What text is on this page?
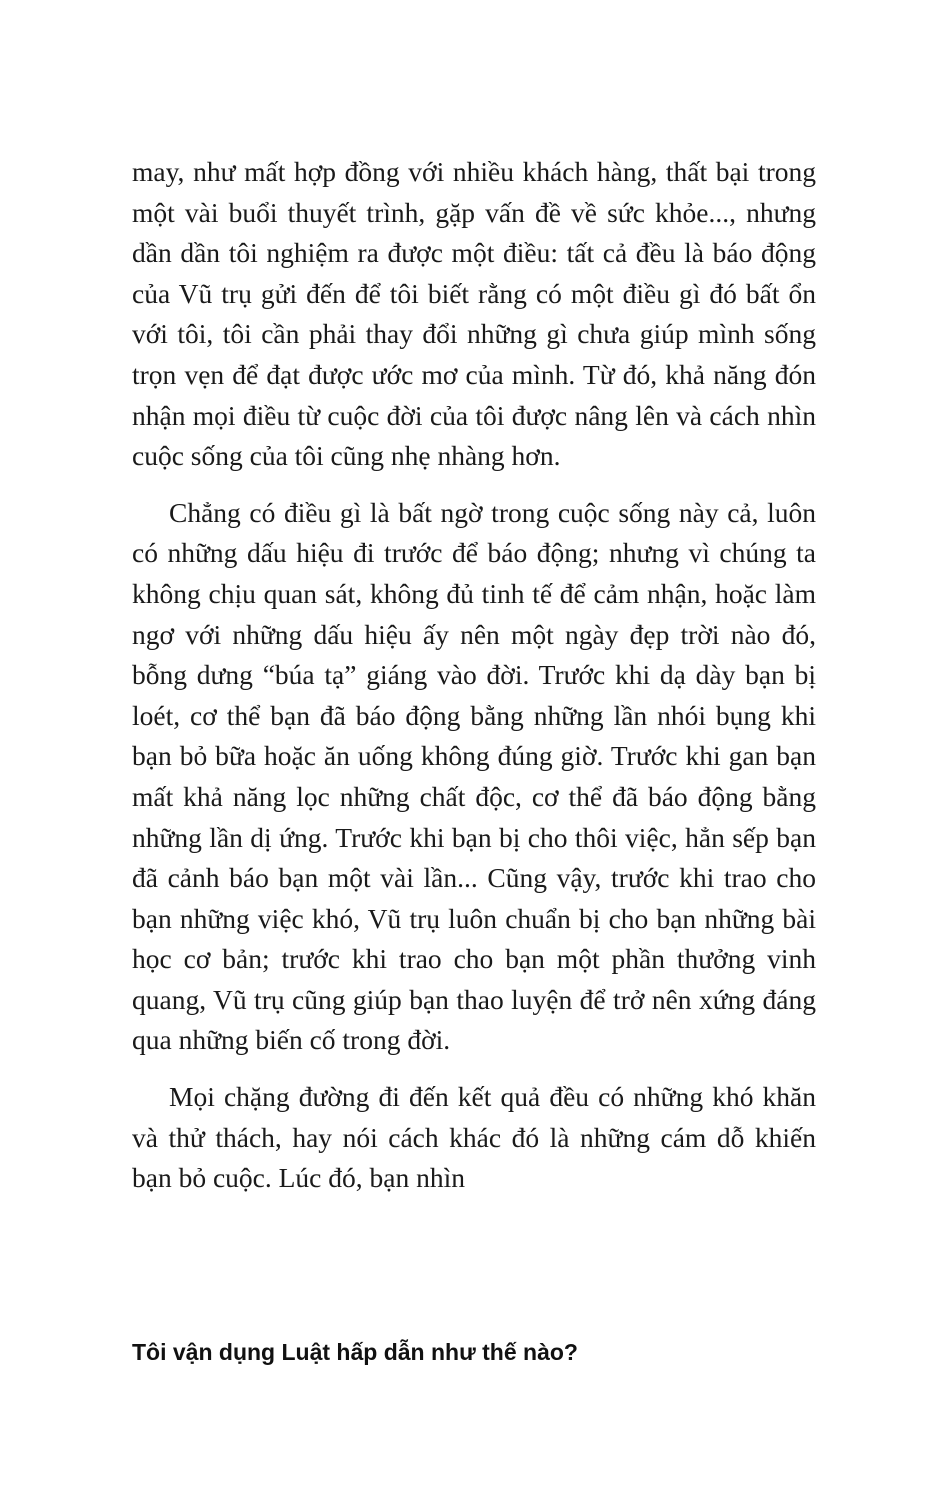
may, như mất hợp đồng với nhiều khách hàng, thất bại trong một vài buổi thuyết trình, gặp vấn đề về sức khỏe..., nhưng dần dần tôi nghiệm ra được một điều: tất cả đều là báo động của Vũ trụ gửi đến để tôi biết rằng có một điều gì đó bất ổn với tôi, tôi cần phải thay đổi những gì chưa giúp mình sống trọn vẹn để đạt được ước mơ của mình. Từ đó, khả năng đón nhận mọi điều từ cuộc đời của tôi được nâng lên và cách nhìn cuộc sống của tôi cũng nhẹ nhàng hơn.

Chẳng có điều gì là bất ngờ trong cuộc sống này cả, luôn có những dấu hiệu đi trước để báo động; nhưng vì chúng ta không chịu quan sát, không đủ tinh tế để cảm nhận, hoặc làm ngơ với những dấu hiệu ấy nên một ngày đẹp trời nào đó, bỗng dưng “búa tạ” giáng vào đời. Trước khi dạ dày bạn bị loét, cơ thể bạn đã báo động bằng những lần nhói bụng khi bạn bỏ bữa hoặc ăn uống không đúng giờ. Trước khi gan bạn mất khả năng lọc những chất độc, cơ thể đã báo động bằng những lần dị ứng. Trước khi bạn bị cho thôi việc, hẳn sếp bạn đã cảnh báo bạn một vài lần... Cũng vậy, trước khi trao cho bạn những việc khó, Vũ trụ luôn chuẩn bị cho bạn những bài học cơ bản; trước khi trao cho bạn một phần thưởng vinh quang, Vũ trụ cũng giúp bạn thao luyện để trở nên xứng đáng qua những biến cố trong đời.

Mọi chặng đường đi đến kết quả đều có những khó khăn và thử thách, hay nói cách khác đó là những cám dỗ khiến bạn bỏ cuộc. Lúc đó, bạn nhìn

Tôi vận dụng Luật hấp dẫn như thế nào?
